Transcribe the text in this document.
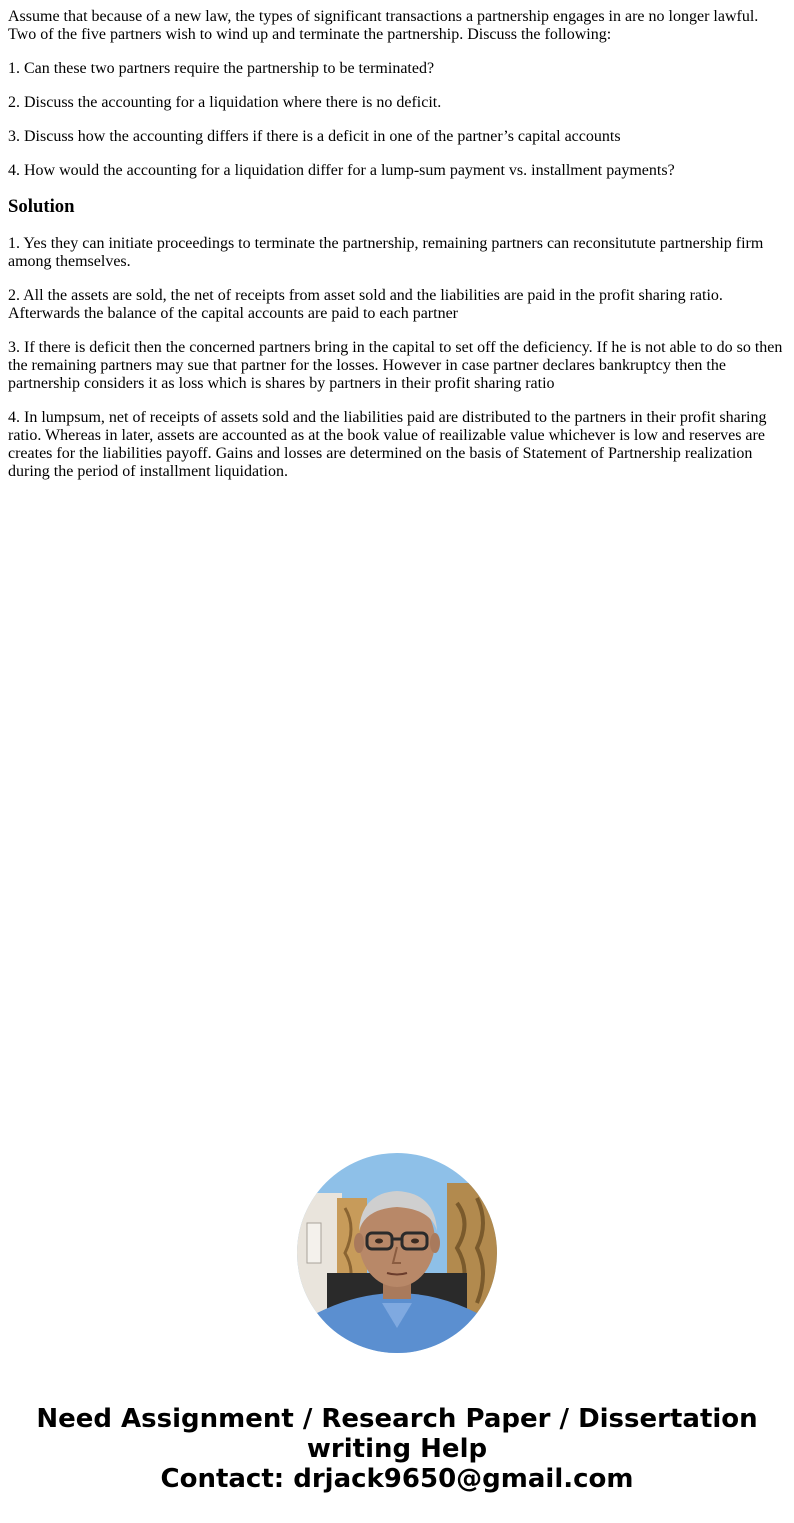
Assume that because of a new law, the types of significant transactions a partnership engages in are no longer lawful. Two of the five partners wish to wind up and terminate the partnership. Discuss the following:

1. Can these two partners require the partnership to be terminated?

2. Discuss the accounting for a liquidation where there is no deficit.

3. Discuss how the accounting differs if there is a deficit in one of the partner’s capital accounts

4. How would the accounting for a liquidation differ for a lump-sum payment vs. installment payments?

Solution

1. Yes they can initiate proceedings to terminate the partnership, remaining partners can reconsitutute partnership firm among themselves.

2. All the assets are sold, the net of receipts from asset sold and the liabilities are paid in the profit sharing ratio. Afterwards the balance of the capital accounts are paid to each partner

3. If there is deficit then the concerned partners bring in the capital to set off the deficiency. If he is not able to do so then the remaining partners may sue that partner for the losses. However in case partner declares bankruptcy then the partnership considers it as loss which is shares by partners in their profit sharing ratio

4. In lumpsum, net of receipts of assets sold and the liabilities paid are distributed to the partners in their profit sharing ratio. Whereas in later, assets are accounted as at the book value of reailizable value whichever is low and reserves are creates for the liabilities payoff. Gains and losses are determined on the basis of Statement of Partnership realization during the period of installment liquidation.

Need Assignment / Research Paper / Dissertation
writing Help
Contact: drjack9650@gmail.com
